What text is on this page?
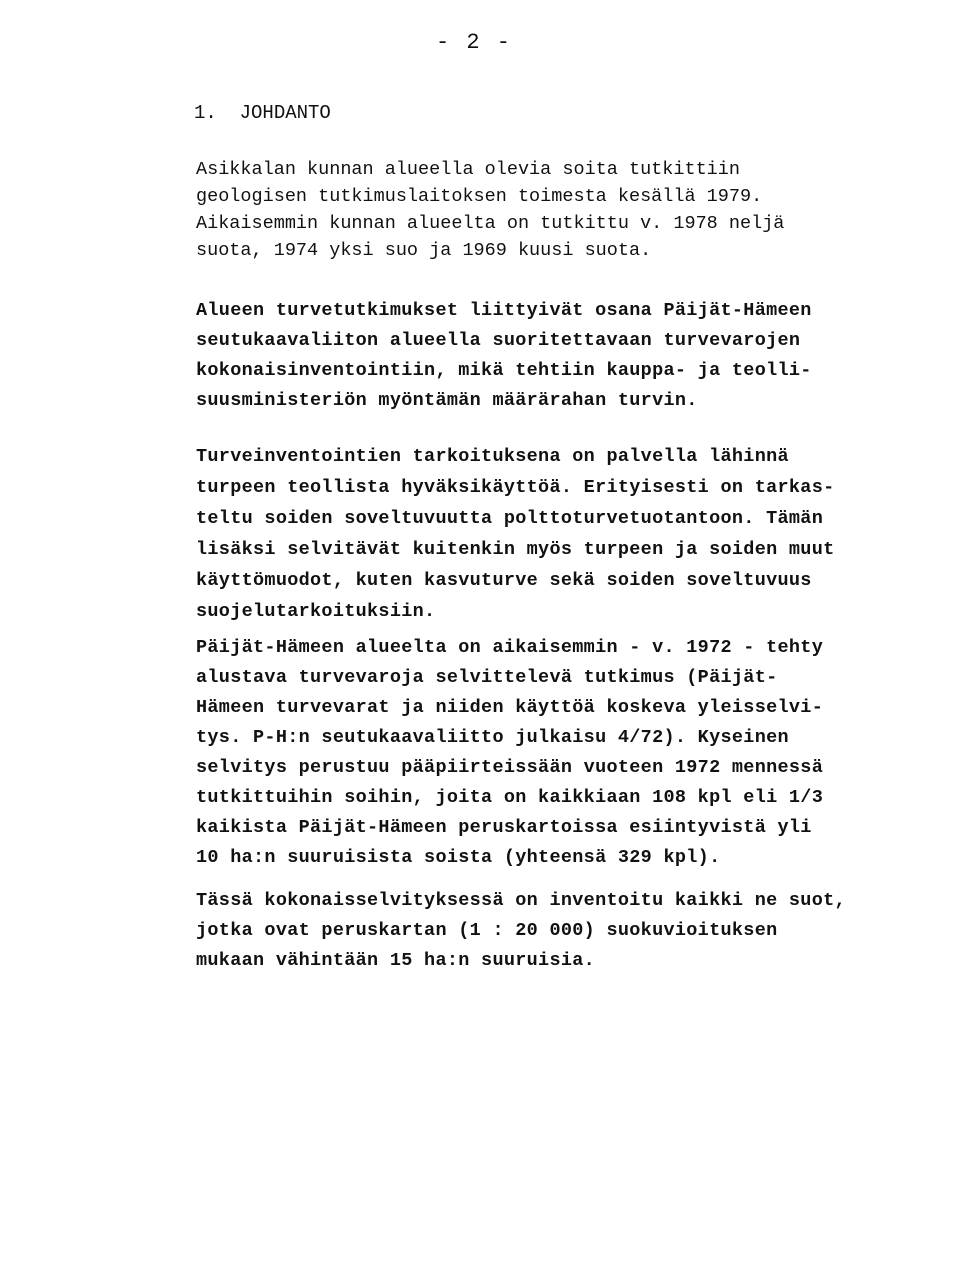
- 2 -
1.  JOHDANTO

Asikkalan kunnan alueella olevia soita tutkittiin
geologisen tutkimuslaitoksen toimesta kesällä 1979.
Aikaisemmin kunnan alueelta on tutkittu v. 1978 neljä
suota, 1974 yksi suo ja 1969 kuusi suota.

Alueen turvetutkimukset liittyivät osana Päijät-Hämeen
seutukaavaliiton alueella suoritettavaan turvevarojen
kokonaisinventointiin, mikä tehtiin kauppa- ja teolli-
suusministeriön myöntämän määrärahan turvin.

Turveinventointien tarkoituksena on palvella lähinnä
turpeen teollista hyväksikäyttöä. Erityisesti on tarkas-
teltu soiden soveltuvuutta polttoturvetuotantoon. Tämän
lisäksi selvitävät kuitenkin myös turpeen ja soiden muut
käyttömuodot, kuten kasvuturve sekä soiden soveltuvuus
suojelutarkoituksiin.

Päijät-Hämeen alueelta on aikaisemmin - v. 1972 - tehty
alustava turvevaroja selvittelevä tutkimus (Päijät-
Hämeen turvevarat ja niiden käyttöä koskeva yleisselvi-
tys. P-H:n seutukaavaliitto julkaisu 4/72). Kyseinen
selvitys perustuu pääpiirteissään vuoteen 1972 mennessä
tutkittuihin soihin, joita on kaikkiaan 108 kpl eli 1/3
kaikista Päijät-Hämeen peruskartoissa esiintyvistä yli
10 ha:n suuruisista soista (yhteensä 329 kpl).

Tässä kokonaisselvityksessä on inventoitu kaikki ne suot,
jotka ovat peruskartan (1 : 20 000) suokuvioituksen
mukaan vähintään 15 ha:n suuruisia.
